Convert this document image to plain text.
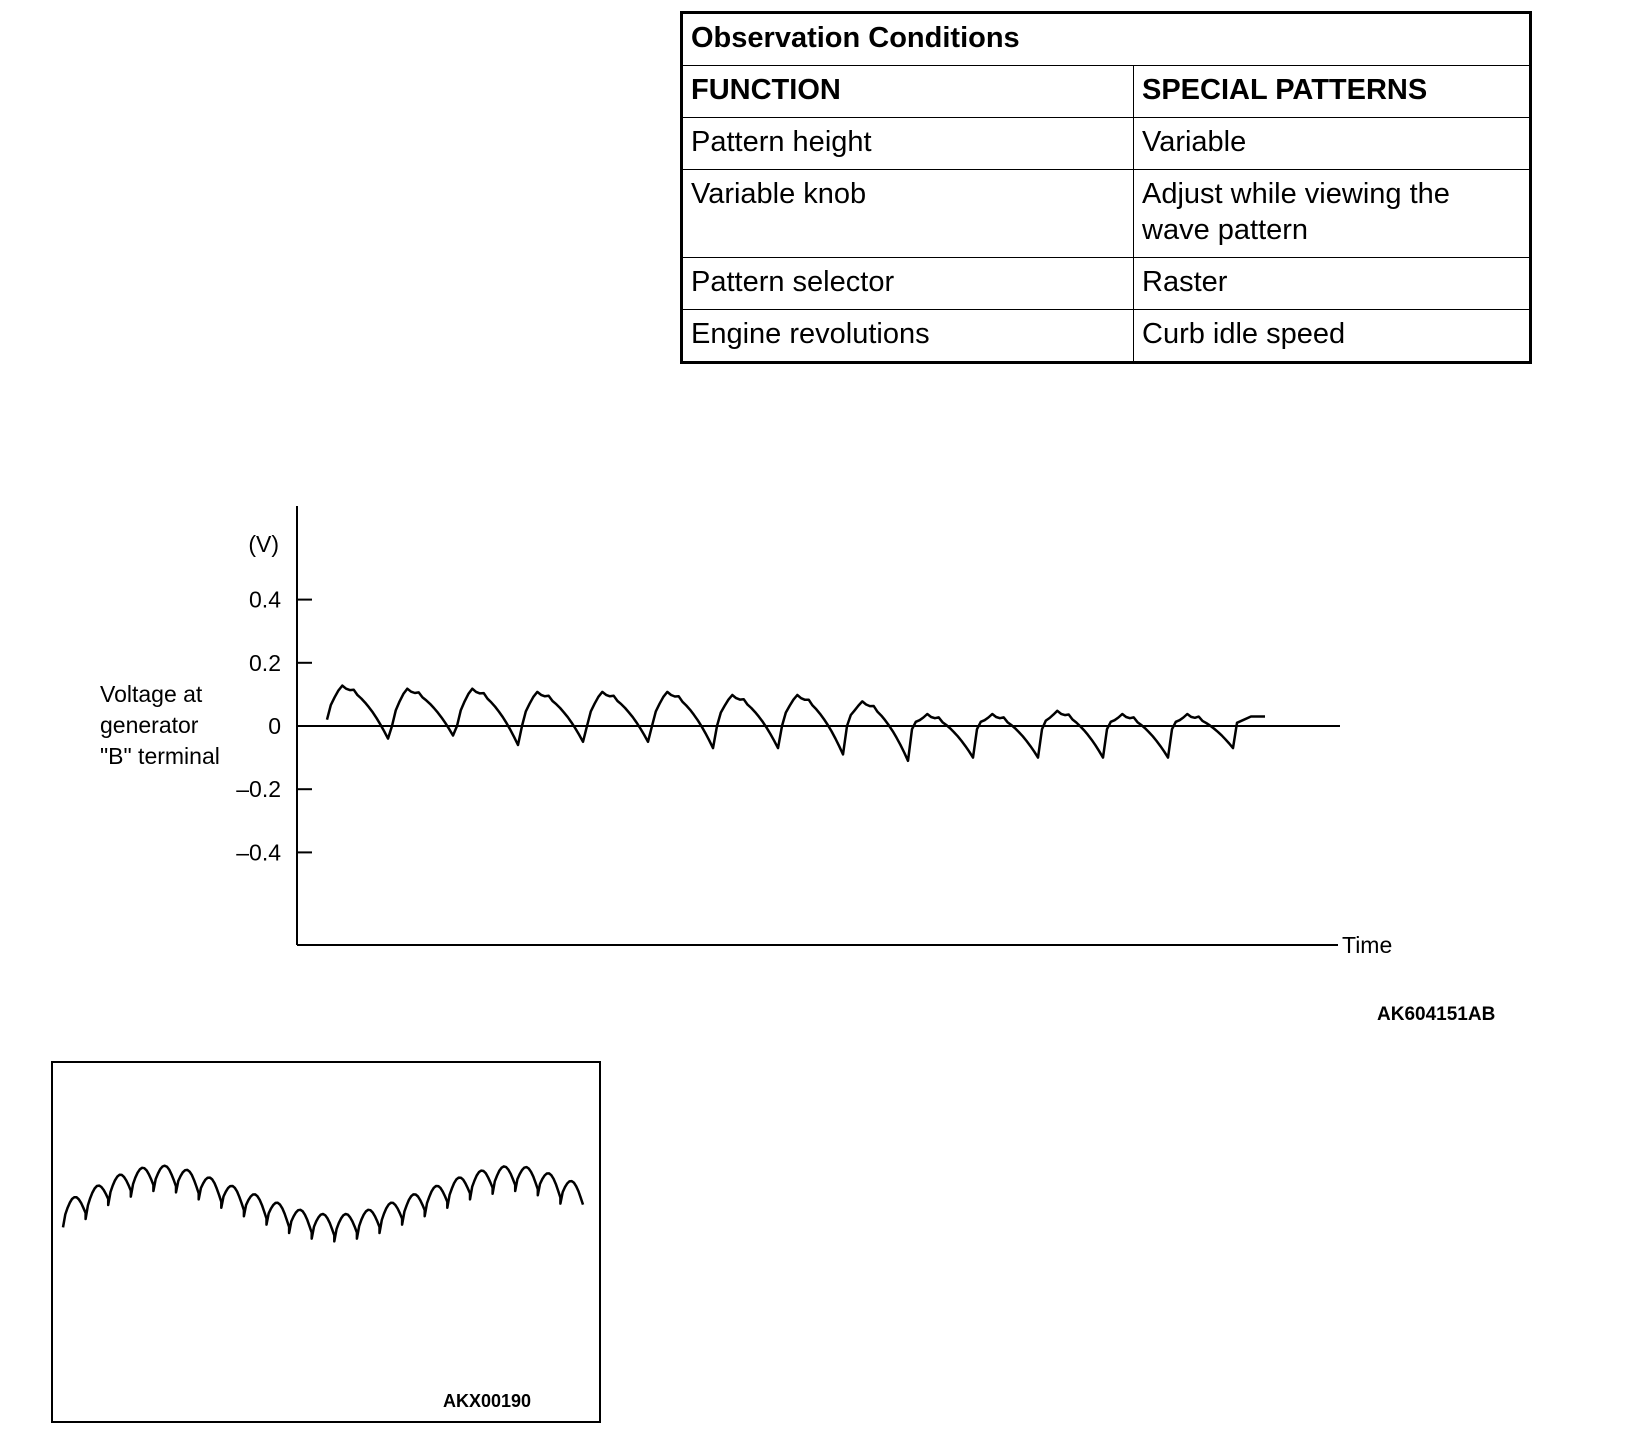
Observation Conditions	
FUNCTION	SPECIAL PATTERNS
Pattern height	Variable
Variable knob	Adjust while viewing the wave pattern
Pattern selector	Raster
Engine revolutions	Curb idle speed
(V)
0.4
0.2
0
–0.2
–0.4
Voltage at
generator
"B" terminal
Time
AK604151AB
AKX00190
